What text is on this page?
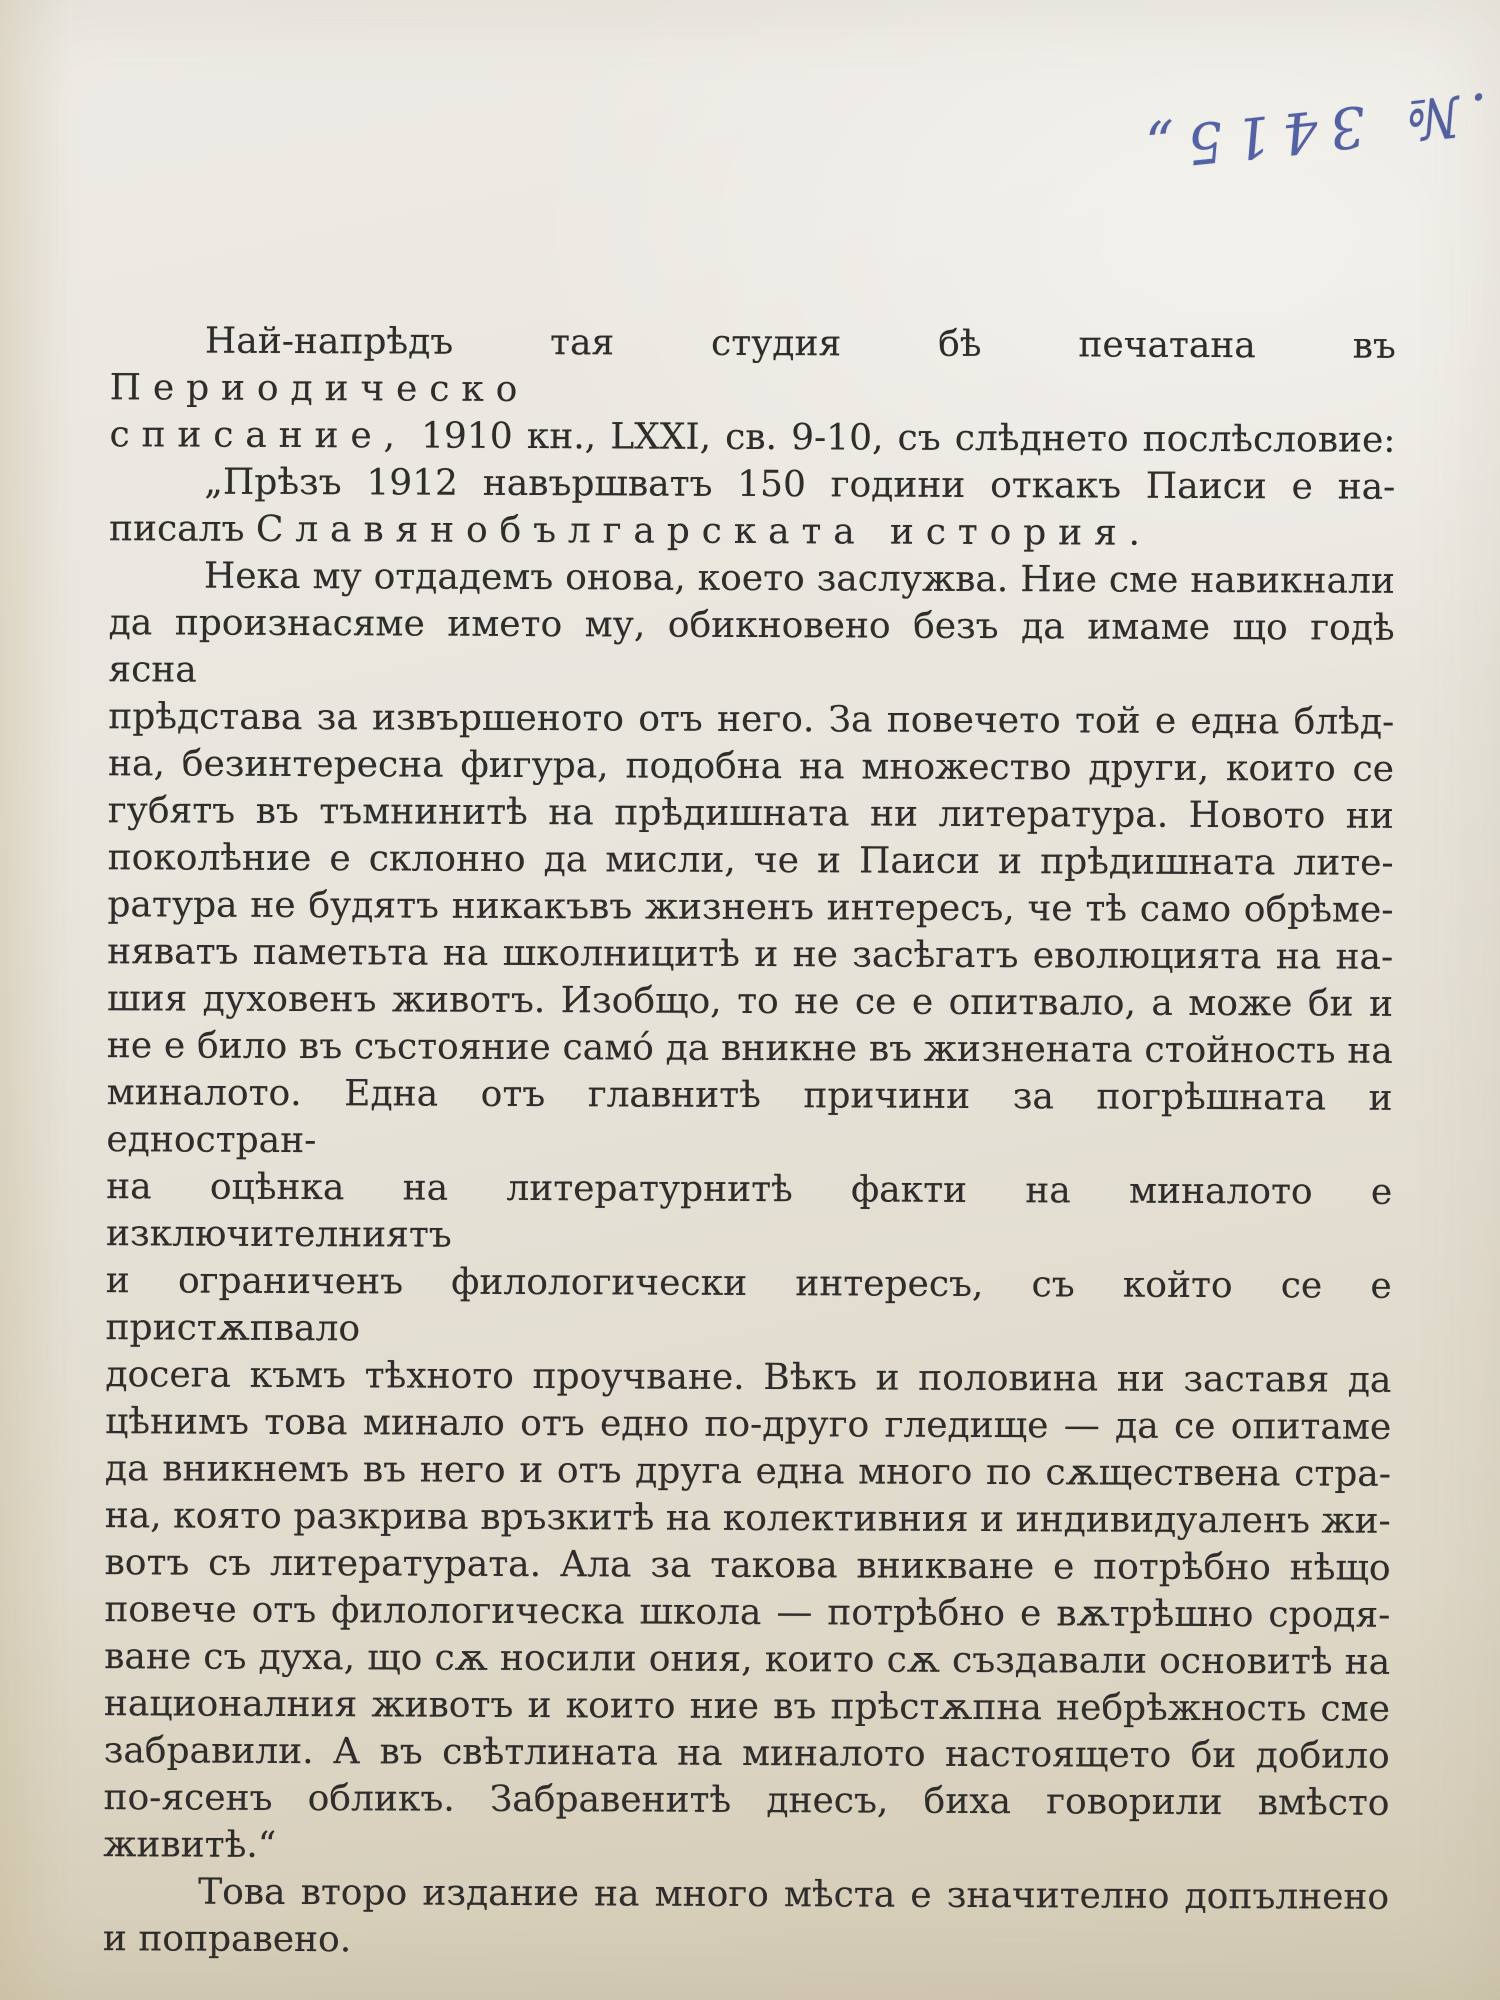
.№ 3415„
Най-напрѣдъ тая студия бѣ печатана въ Периодическо
списание, 1910 кн., LXXI, св. 9-10, съ слѣднето послѣсловие:
„Прѣзъ 1912 навършватъ 150 години откакъ Паиси е на-
писалъ Славянобългарската история.
Нека му отдадемъ онова, което заслужва. Ние сме навикнали
да произнасяме името му, обикновено безъ да имаме що годѣ ясна
прѣдстава за извършеното отъ него. За повечето той е една блѣд-
на, безинтересна фигура, подобна на множество други, които се
губятъ въ тъмнинитѣ на прѣдишната ни литература. Новото ни
поколѣние е склонно да мисли, че и Паиси и прѣдишната лите-
ратура не будятъ никакъвъ жизненъ интересъ, че тѣ само обрѣме-
няватъ паметьта на школницитѣ и не засѣгатъ еволюцията на на-
шия духовенъ животъ. Изобщо, то не се е опитвало, а може би и
не е било въ състояние само́ да вникне въ жизнената стойность на
миналото. Една отъ главнитѣ причини за погрѣшната и едностран-
на оцѣнка на литературнитѣ факти на миналото е изключителниятъ
и ограниченъ филологически интересъ, съ който се е пристѫпвало
досега къмъ тѣхното проучване. Вѣкъ и половина ни заставя да
цѣнимъ това минало отъ едно по-друго гледище — да се опитаме
да вникнемъ въ него и отъ друга една много по сѫществена стра-
на, която разкрива връзкитѣ на колективния и индивидуаленъ жи-
вотъ съ литературата. Ала за такова вникване е потрѣбно нѣщо
повече отъ филологическа школа — потрѣбно е вѫтрѣшно сродя-
ване съ духа, що сѫ носили ония, които сѫ създавали основитѣ на
националния животъ и които ние въ прѣстѫпна небрѣжность сме
забравили. А въ свѣтлината на миналото настоящето би добило
по-ясенъ обликъ. Забравенитѣ днесъ, биха говорили вмѣсто живитѣ.“
Това второ издание на много мѣста е значително допълнено
и поправено.
